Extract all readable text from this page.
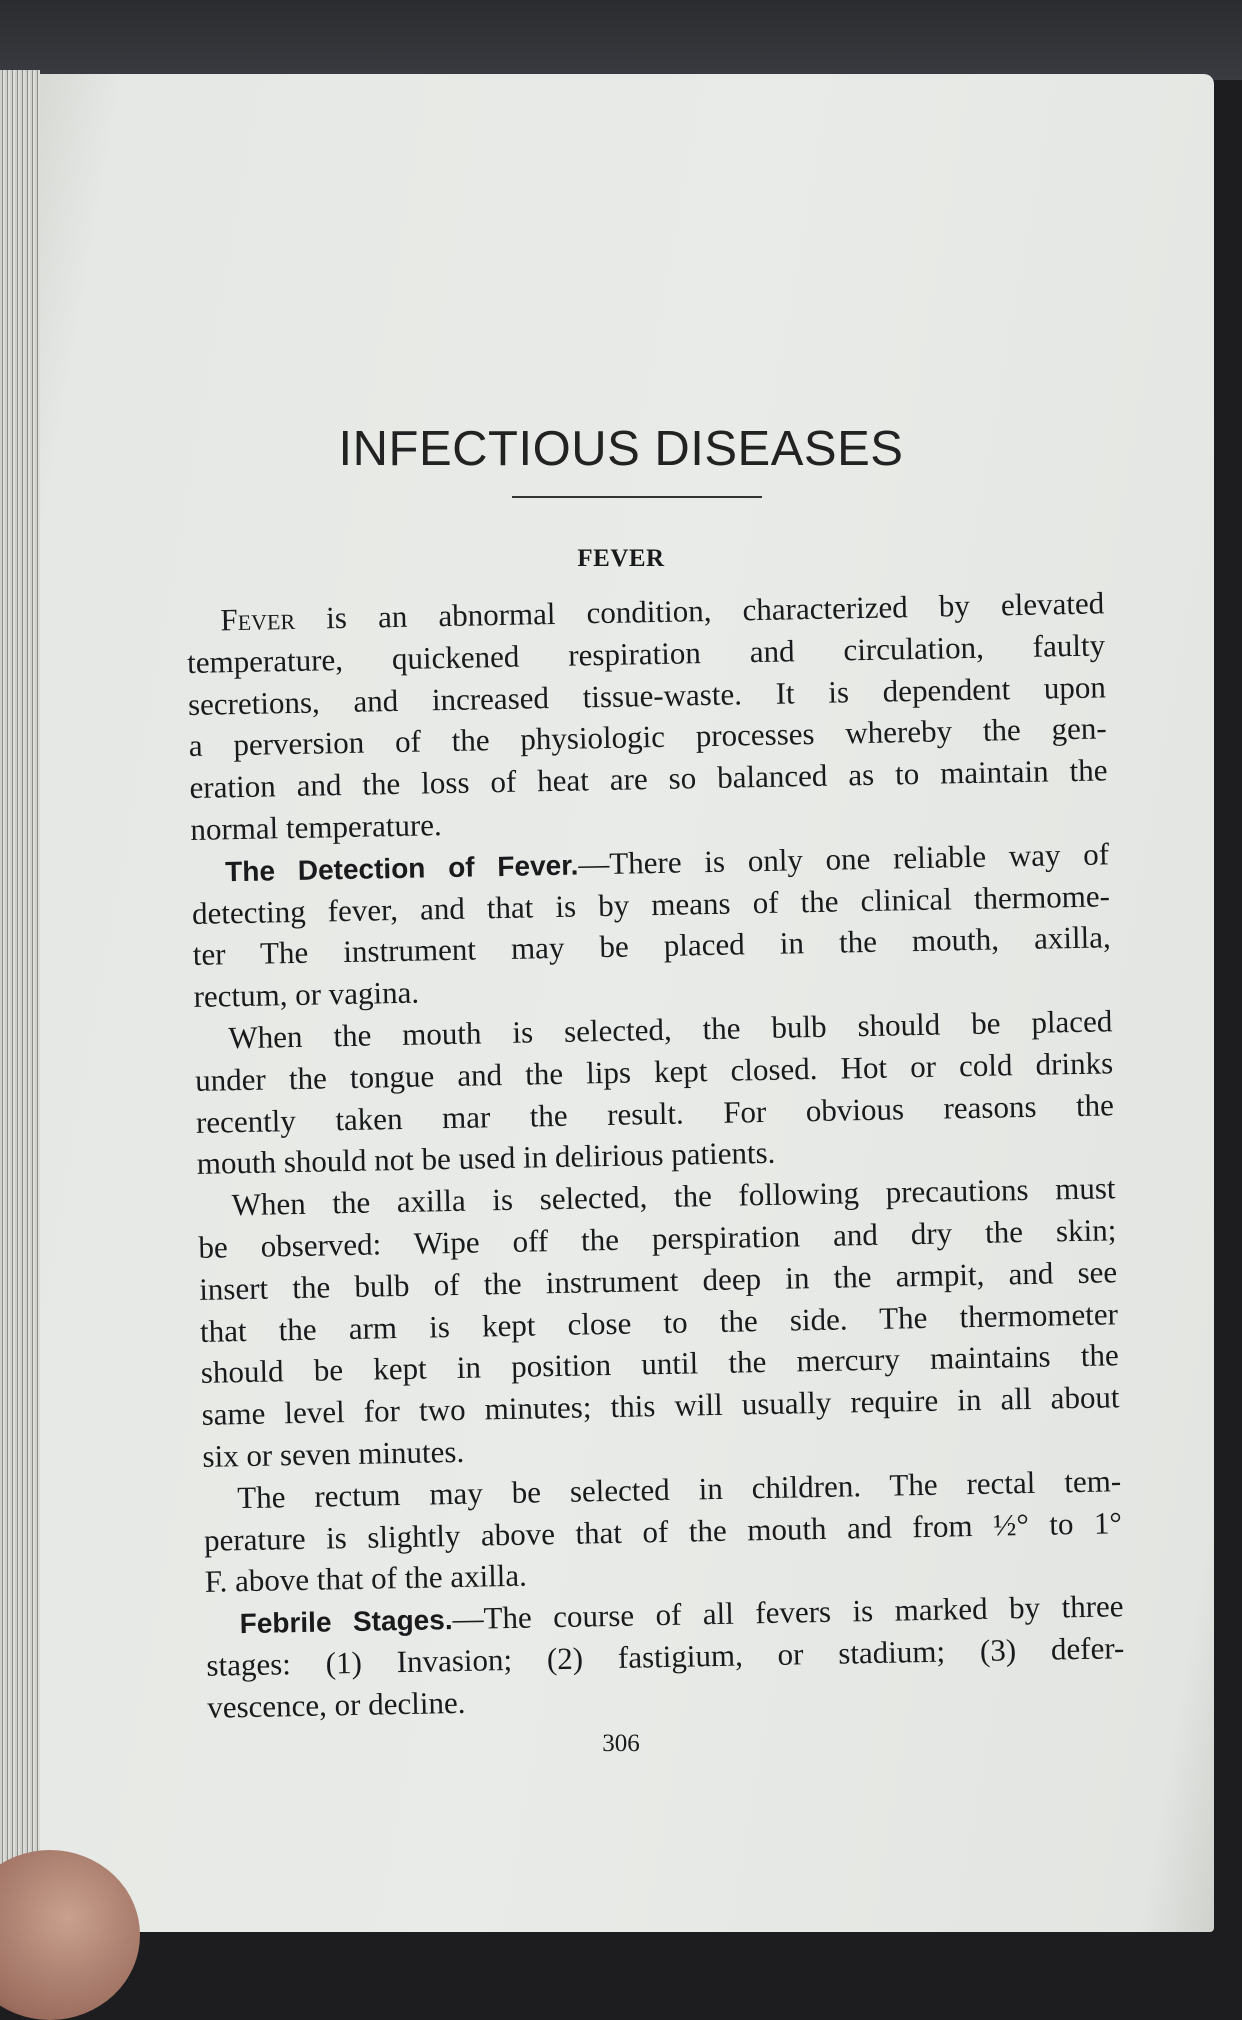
INFECTIOUS DISEASES
FEVER
Fever is an abnormal condition, characterized by elevated
temperature, quickened respiration and circulation, faulty
secretions, and increased tissue-waste. It is dependent upon
a perversion of the physiologic processes whereby the gen-
eration and the loss of heat are so balanced as to maintain the
normal temperature.
The Detection of Fever.—There is only one reliable way of
detecting fever, and that is by means of the clinical thermome-
ter The instrument may be placed in the mouth, axilla,
rectum, or vagina.
When the mouth is selected, the bulb should be placed
under the tongue and the lips kept closed. Hot or cold drinks
recently taken mar the result. For obvious reasons the
mouth should not be used in delirious patients.
When the axilla is selected, the following precautions must
be observed: Wipe off the perspiration and dry the skin;
insert the bulb of the instrument deep in the armpit, and see
that the arm is kept close to the side. The thermometer
should be kept in position until the mercury maintains the
same level for two minutes; this will usually require in all about
six or seven minutes.
The rectum may be selected in children. The rectal tem-
perature is slightly above that of the mouth and from ½° to 1°
F. above that of the axilla.
Febrile Stages.—The course of all fevers is marked by three
stages: (1) Invasion; (2) fastigium, or stadium; (3) defer-
vescence, or decline.
306
